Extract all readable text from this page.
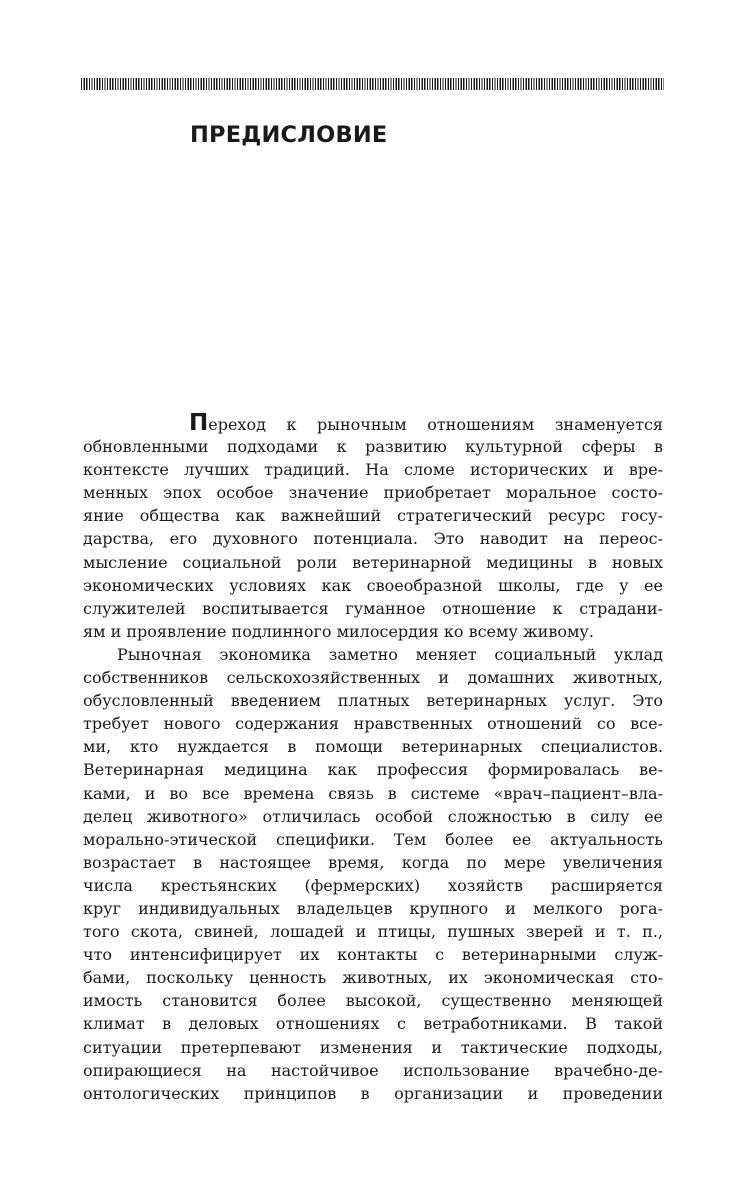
ПРЕДИСЛОВИЕ
Переход к рыночным отношениям знаменуется
обновленными подходами к развитию культурной сферы в
контексте лучших традиций. На сломе исторических и вре-
менных эпох особое значение приобретает моральное состо-
яние общества как важнейший стратегический ресурс госу-
дарства, его духовного потенциала. Это наводит на переос-
мысление социальной роли ветеринарной медицины в новых
экономических условиях как своеобразной школы, где у ее
служителей воспитывается гуманное отношение к страдани-
ям и проявление подлинного милосердия ко всему живому.
Рыночная экономика заметно меняет социальный уклад
собственников сельскохозяйственных и домашних животных,
обусловленный введением платных ветеринарных услуг. Это
требует нового содержания нравственных отношений со все-
ми, кто нуждается в помощи ветеринарных специалистов.
Ветеринарная медицина как профессия формировалась ве-
ками, и во все времена связь в системе «врач–пациент–вла-
делец животного» отличилась особой сложностью в силу ее
морально-этической специфики. Тем более ее актуальность
возрастает в настоящее время, когда по мере увеличения
числа крестьянских (фермерских) хозяйств расширяется
круг индивидуальных владельцев крупного и мелкого рога-
того скота, свиней, лошадей и птицы, пушных зверей и т. п.,
что интенсифицирует их контакты с ветеринарными служ-
бами, поскольку ценность животных, их экономическая сто-
имость становится более высокой, существенно меняющей
климат в деловых отношениях с ветработниками. В такой
ситуации претерпевают изменения и тактические подходы,
опирающиеся на настойчивое использование врачебно-де-
онтологических принципов в организации и проведении
